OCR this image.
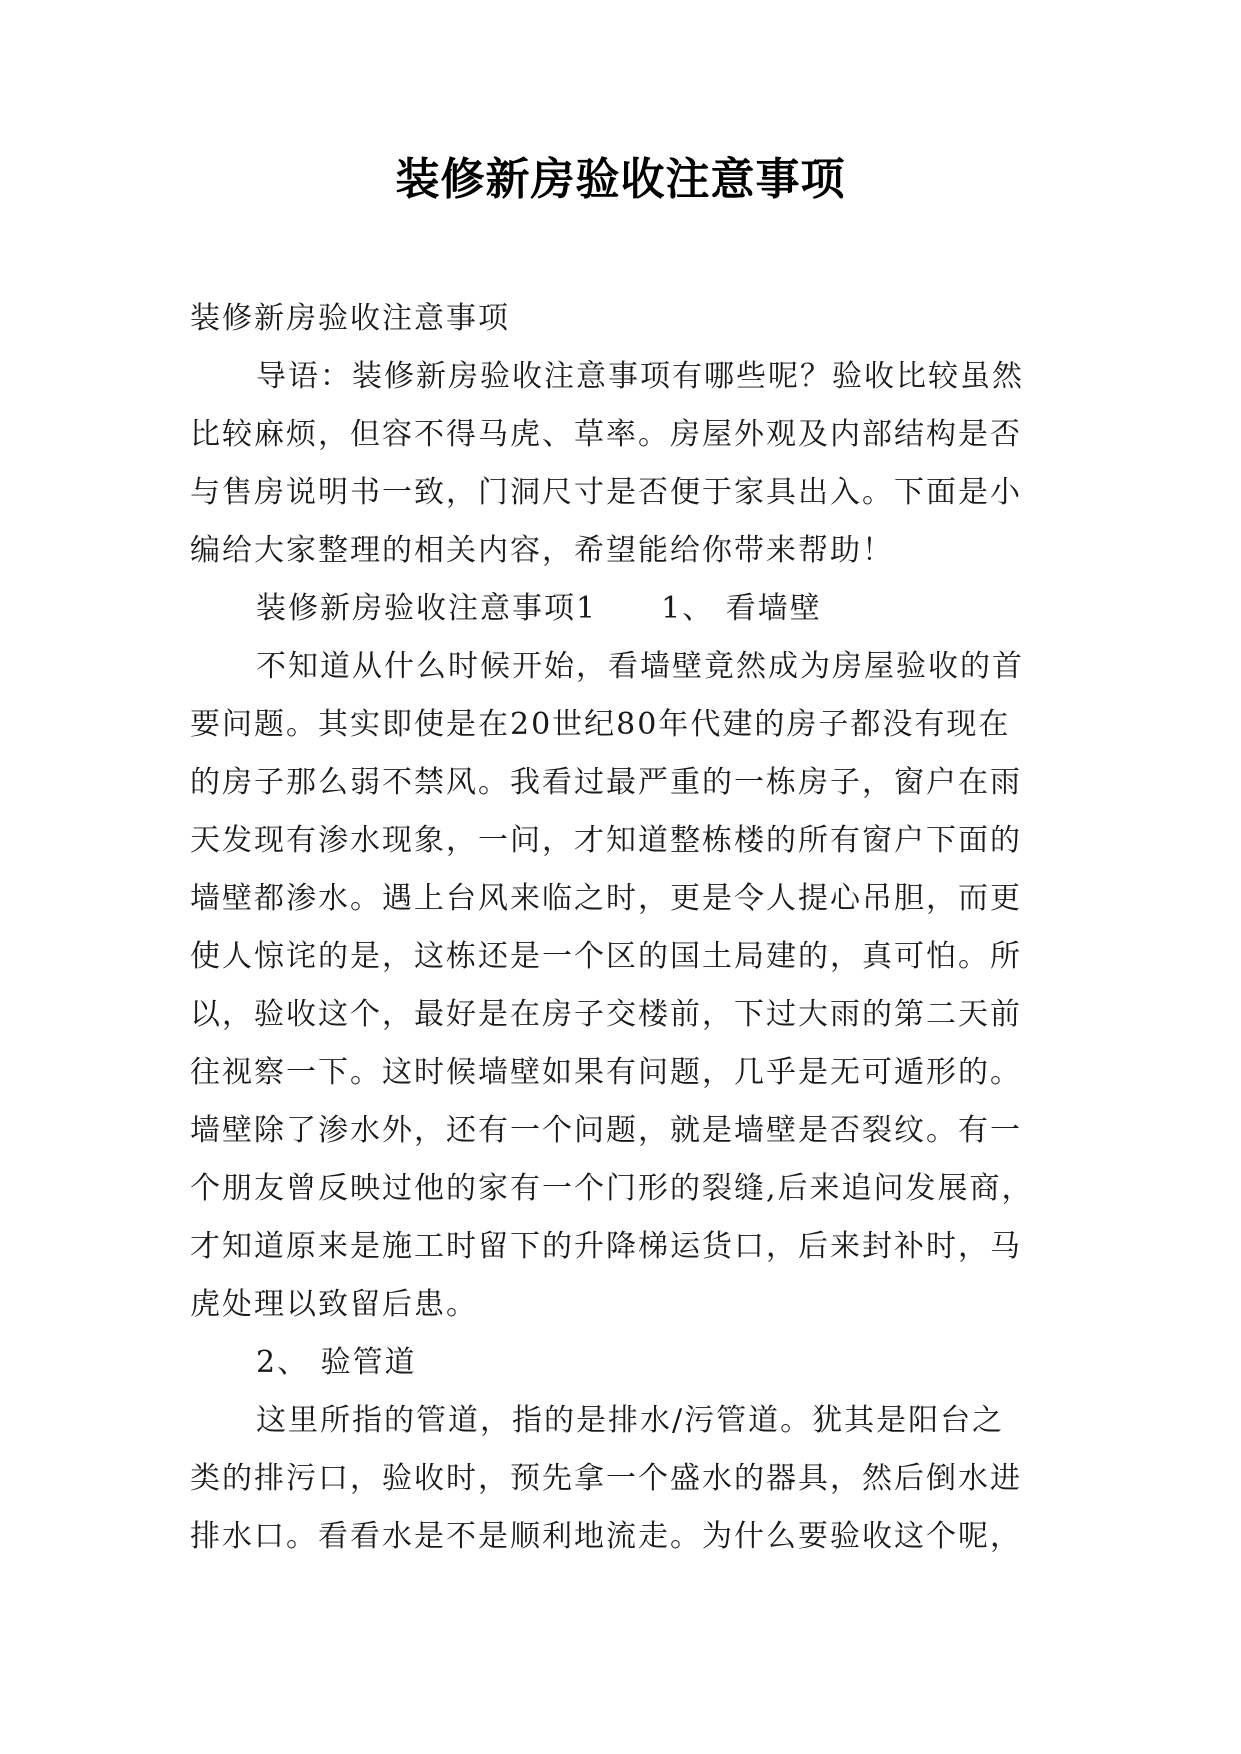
装修新房验收注意事项
装修新房验收注意事项
导语：装修新房验收注意事项有哪些呢？验收比较虽然
比较麻烦，但容不得马虎、草率。房屋外观及内部结构是否
与售房说明书一致，门洞尺寸是否便于家具出入。下面是小
编给大家整理的相关内容，希望能给你带来帮助！
装修新房验收注意事项1　　1、 看墙壁
不知道从什么时候开始，看墙壁竟然成为房屋验收的首
要问题。其实即使是在20世纪80年代建的房子都没有现在
的房子那么弱不禁风。我看过最严重的一栋房子，窗户在雨
天发现有渗水现象，一问，才知道整栋楼的所有窗户下面的
墙壁都渗水。遇上台风来临之时，更是令人提心吊胆，而更
使人惊诧的是，这栋还是一个区的国土局建的，真可怕。所
以，验收这个，最好是在房子交楼前，下过大雨的第二天前
往视察一下。这时候墙壁如果有问题，几乎是无可遁形的。
墙壁除了渗水外，还有一个问题，就是墙壁是否裂纹。有一
个朋友曾反映过他的家有一个门形的裂缝,后来追问发展商，
才知道原来是施工时留下的升降梯运货口，后来封补时，马
虎处理以致留后患。
2、 验管道
这里所指的管道，指的是排水/污管道。犹其是阳台之
类的排污口，验收时，预先拿一个盛水的器具，然后倒水进
排水口。看看水是不是顺利地流走。为什么要验收这个呢，
